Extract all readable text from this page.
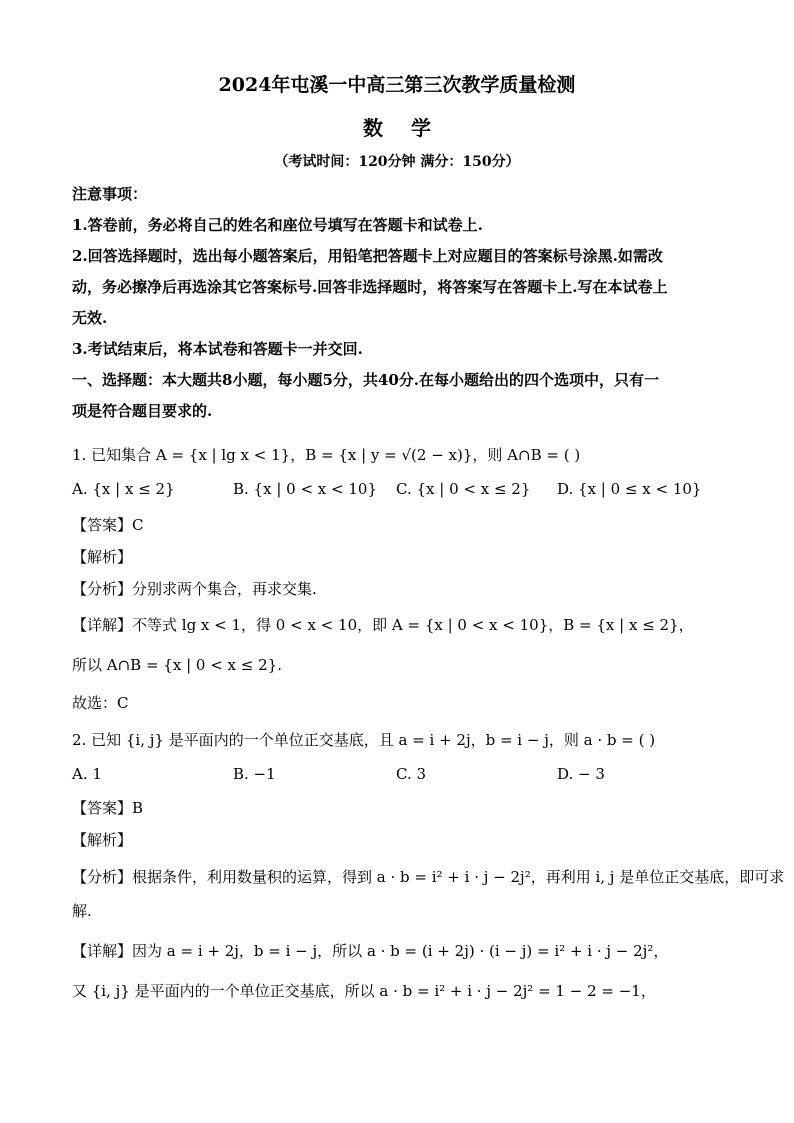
2024年屯溪一中高三第三次教学质量检测
数学
（考试时间：120分钟 满分：150分）
注意事项：
1.答卷前，务必将自己的姓名和座位号填写在答题卡和试卷上.
2.回答选择题时，选出每小题答案后，用铅笔把答题卡上对应题目的答案标号涂黑.如需改
动，务必擦净后再选涂其它答案标号.回答非选择题时，将答案写在答题卡上.写在本试卷上
无效.
3.考试结束后，将本试卷和答题卡一并交回.
一、选择题：本大题共8小题，每小题5分，共40分.在每小题给出的四个选项中，只有一
项是符合题目要求的.
1. 已知集合 A = {x | lg x < 1}，B = {x | y = √(2 − x)}，则 A∩B = ( )
A. {x | x ≤ 2}	B. {x | 0 < x < 10} C. {x | 0 < x ≤ 2} D. {x | 0 ≤ x < 10}
【答案】C
【解析】
【分析】分别求两个集合，再求交集.
【详解】不等式 lg x < 1，得 0 < x < 10，即 A = {x | 0 < x < 10}，B = {x | x ≤ 2}，
所以 A∩B = {x | 0 < x ≤ 2}.
故选：C
2. 已知 {i, j} 是平面内的一个单位正交基底，且 a = i + 2j，b = i − j，则 a · b = ( )
A. 1	B. −1	C. 3	D. − 3
【答案】B
【解析】
【分析】根据条件，利用数量积的运算，得到 a · b = i² + i · j − 2j²，再利用 i, j 是单位正交基底，即可求
解.
【详解】因为 a = i + 2j，b = i − j，所以 a · b = (i + 2j) · (i − j) = i² + i · j − 2j²，
又 {i, j} 是平面内的一个单位正交基底，所以 a · b = i² + i · j − 2j² = 1 − 2 = −1，
